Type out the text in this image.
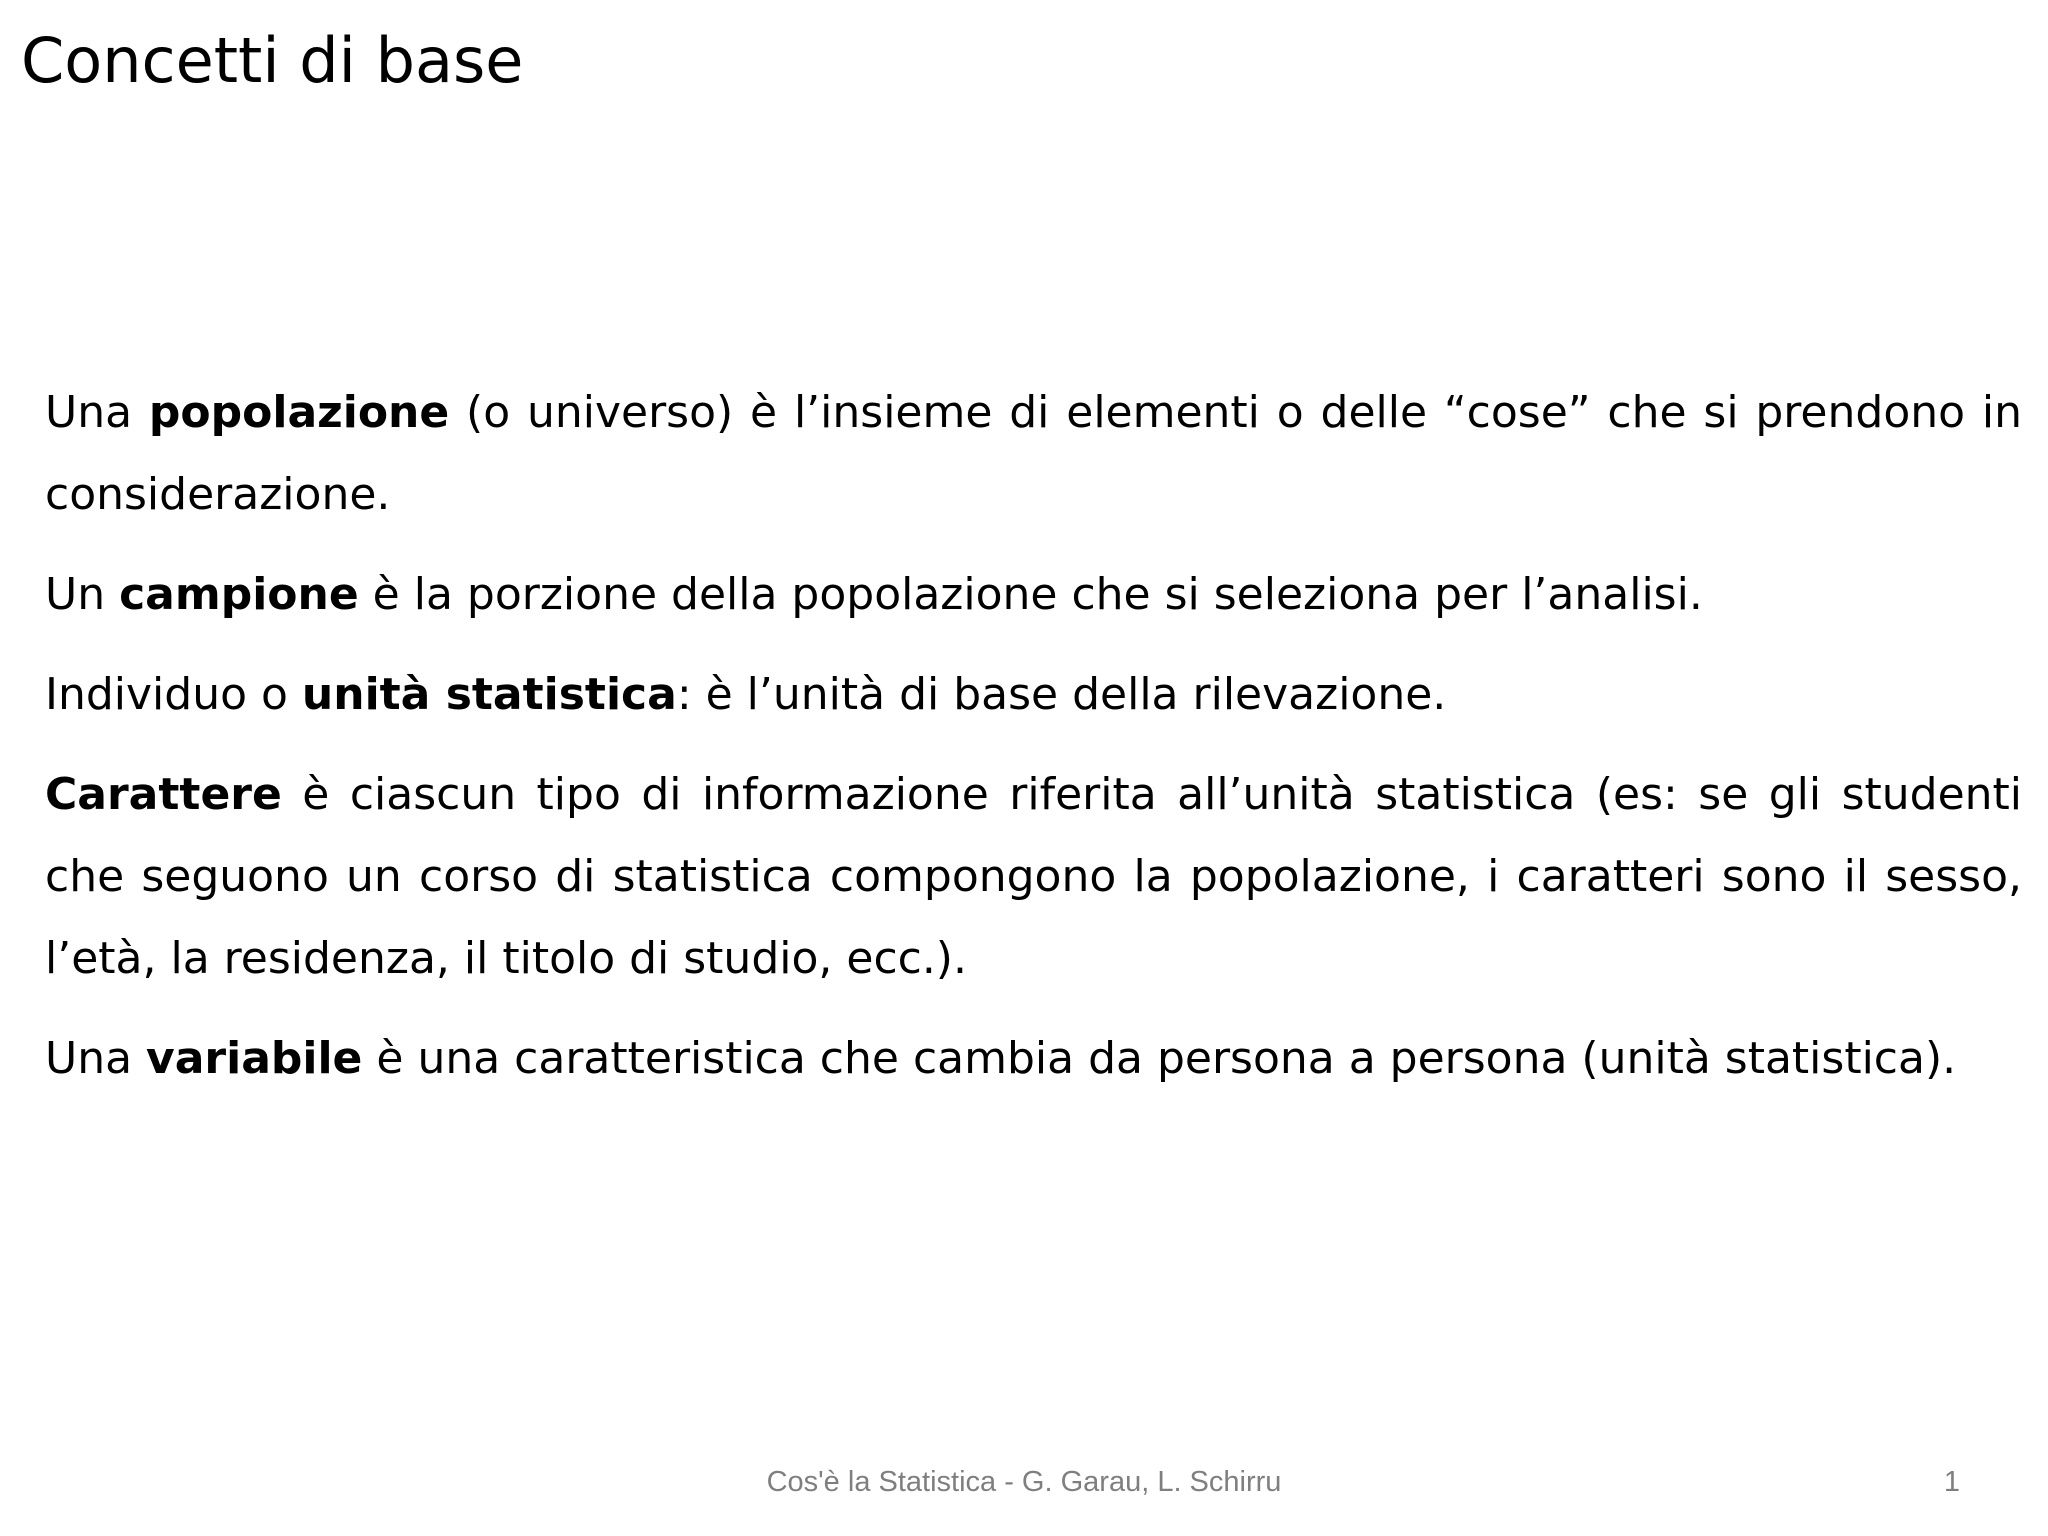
Concetti di base

Una popolazione (o universo) è l’insieme di elementi o delle “cose” che si prendono in considerazione.

Un campione è la porzione della popolazione che si seleziona per l’analisi.

Individuo o unità statistica: è l’unità di base della rilevazione.

Carattere è ciascun tipo di informazione riferita all’unità statistica (es: se gli studenti che seguono un corso di statistica compongono la popolazione, i caratteri sono il sesso, l’età, la residenza, il titolo di studio, ecc.).

Una variabile è una caratteristica che cambia da persona a persona (unità statistica).

Cos'è la Statistica - G. Garau, L. Schirru	1
